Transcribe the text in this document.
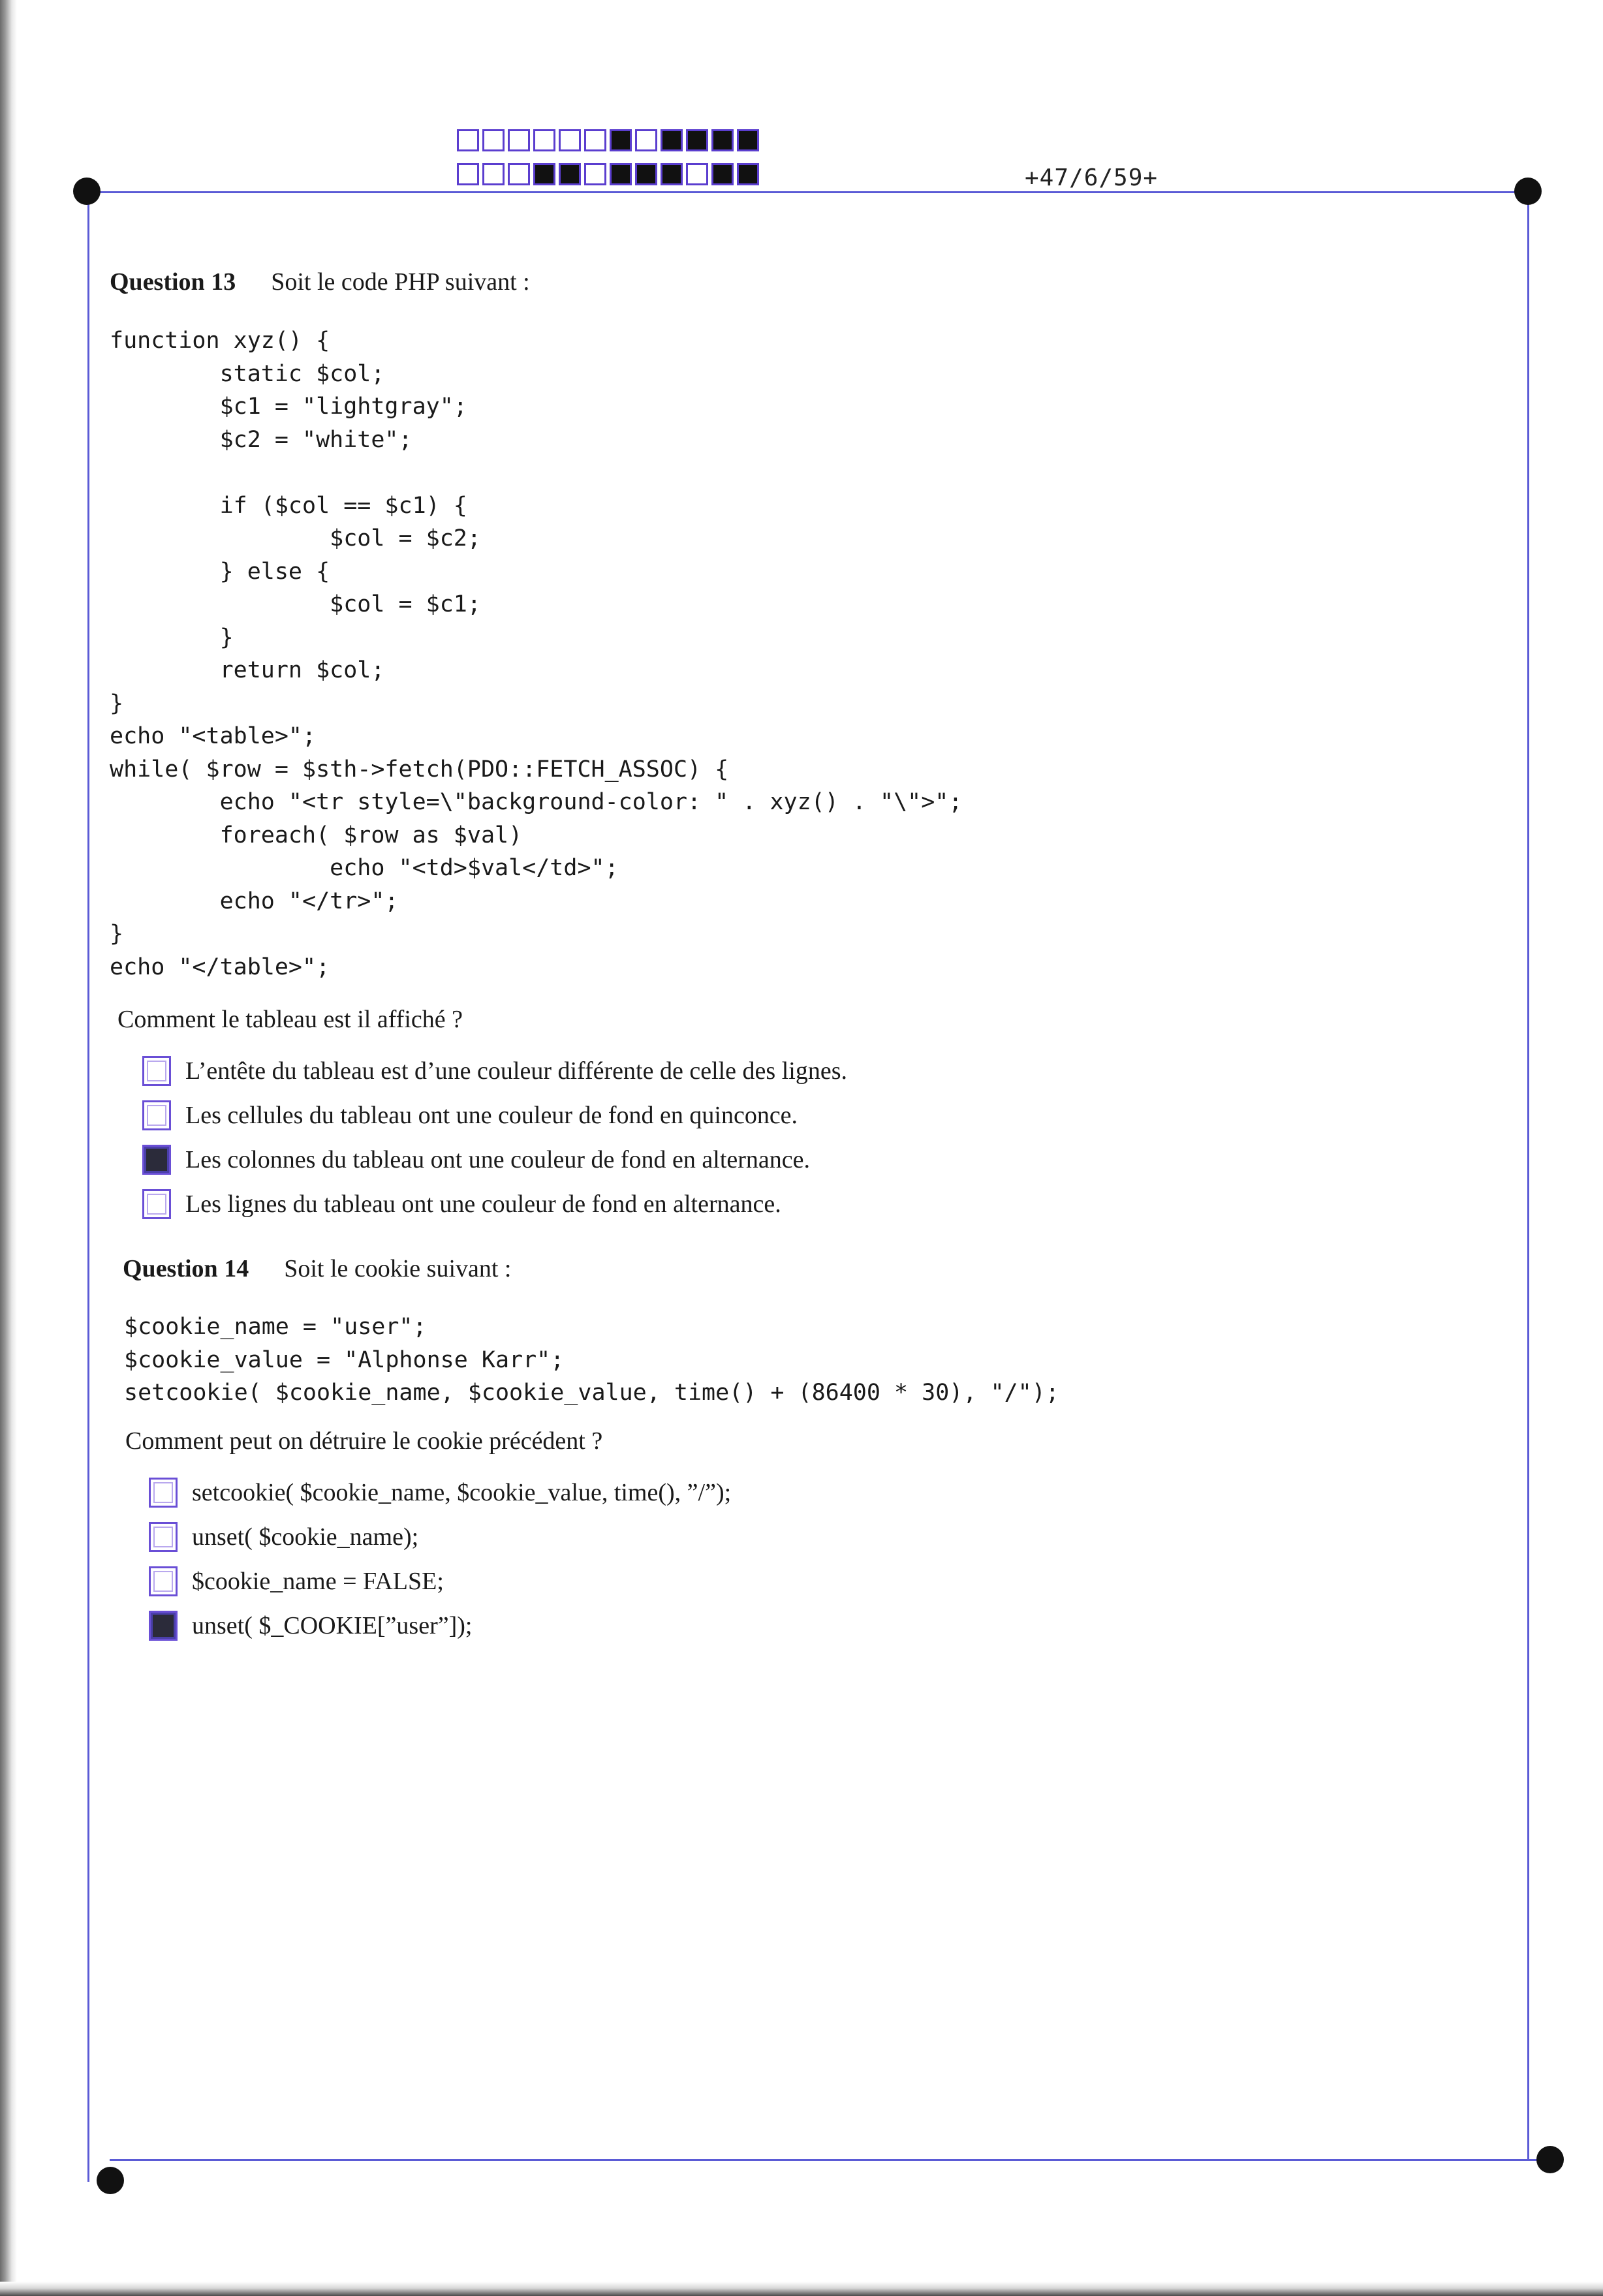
+47/6/59+
Question 13 Soit le code PHP suivant :
function xyz() {
static $col;
$c1 = "lightgray";
$c2 = "white";

if ($col == $c1) {
$col = $c2;
} else {
$col = $c1;
}
return $col;
}
echo "<table>";
while( $row = $sth->fetch(PDO::FETCH_ASSOC) {
echo "<tr style=\"background-color: " . xyz() . "\">";
foreach( $row as $val)
echo "<td>$val</td>";
echo "</tr>";
}
echo "</table>";
Comment le tableau est il affiché ?
L’entête du tableau est d’une couleur différente de celle des lignes.
Les cellules du tableau ont une couleur de fond en quinconce.
Les colonnes du tableau ont une couleur de fond en alternance.
Les lignes du tableau ont une couleur de fond en alternance.
Question 14 Soit le cookie suivant :
$cookie_name = "user";
$cookie_value = "Alphonse Karr";
setcookie( $cookie_name, $cookie_value, time() + (86400 * 30), "/");
Comment peut on détruire le cookie précédent ?
setcookie( $cookie_name, $cookie_value, time(), ”/”);
unset( $cookie_name);
$cookie_name = FALSE;
unset( $_COOKIE[”user”]);
